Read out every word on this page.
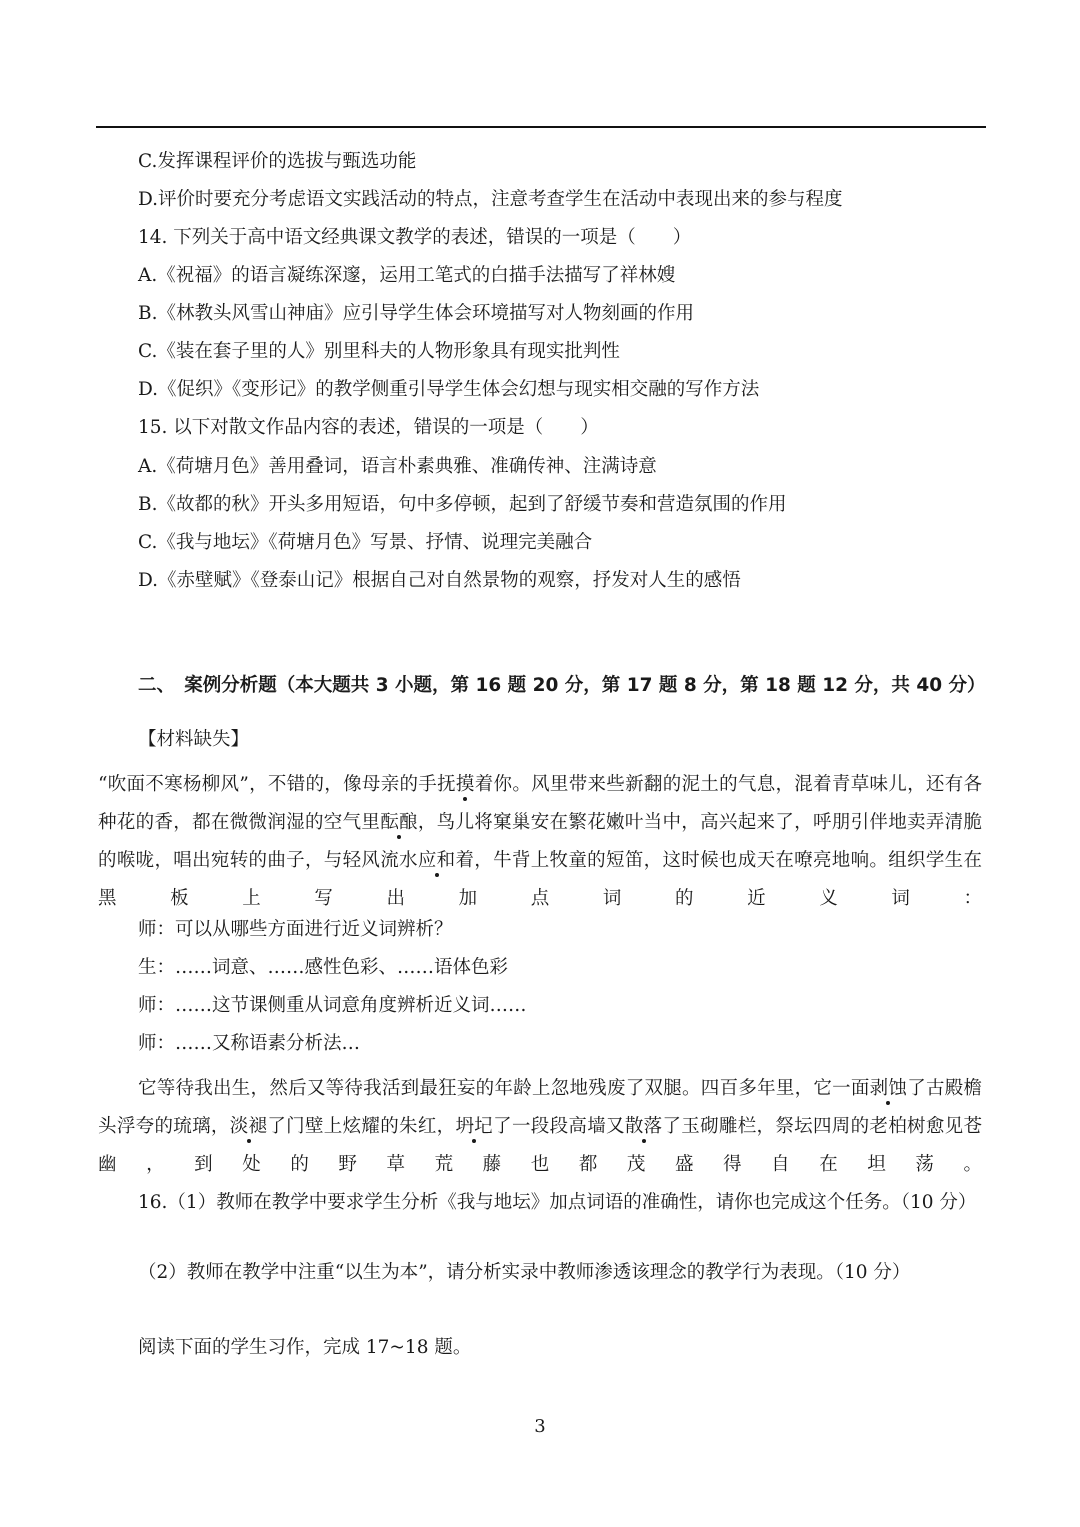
C.发挥课程评价的选拔与甄选功能
D.评价时要充分考虑语文实践活动的特点，注意考查学生在活动中表现出来的参与程度
14. 下列关于高中语文经典课文教学的表述，错误的一项是（　　）
A.《祝福》的语言凝练深邃，运用工笔式的白描手法描写了祥林嫂
B.《林教头风雪山神庙》应引导学生体会环境描写对人物刻画的作用
C.《装在套子里的人》别里科夫的人物形象具有现实批判性
D.《促织》《变形记》的教学侧重引导学生体会幻想与现实相交融的写作方法
15. 以下对散文作品内容的表述，错误的一项是（　　）
A.《荷塘月色》善用叠词，语言朴素典雅、准确传神、注满诗意
B.《故都的秋》开头多用短语，句中多停顿，起到了舒缓节奏和营造氛围的作用
C.《我与地坛》《荷塘月色》写景、抒情、说理完美融合
D.《赤壁赋》《登泰山记》根据自己对自然景物的观察，抒发对人生的感悟
二、　案例分析题（本大题共 3 小题，第 16 题 20 分，第 17 题 8 分，第 18 题 12 分，共 40 分）
【材料缺失】
“吹面不寒杨柳风”，不错的，像母亲的手抚摸着你。风里带来些新翻的泥土的气息，混着青草味儿，还有各种花的香，都在微微润湿的空气里酝酿，鸟儿将窠巢安在繁花嫩叶当中，高兴起来了，呼朋引伴地卖弄清脆的喉咙，唱出宛转的曲子，与轻风流水应和着，牛背上牧童的短笛，这时候也成天在嘹亮地响。组织学生在黑板上写出加点词的近义词：
师：可以从哪些方面进行近义词辨析？
生：……词意、……感性色彩、……语体色彩
师：……这节课侧重从词意角度辨析近义词……
师：……又称语素分析法…
它等待我出生，然后又等待我活到最狂妄的年龄上忽地残废了双腿。四百多年里，它一面剥蚀了古殿檐头浮夸的琉璃，淡褪了门壁上炫耀的朱红，坍圮了一段段高墙又散落了玉砌雕栏，祭坛四周的老柏树愈见苍幽，到处的野草荒藤也都茂盛得自在坦荡。
16.（1）教师在教学中要求学生分析《我与地坛》加点词语的准确性，请你也完成这个任务。（10 分）
（2）教师在教学中注重“以生为本”，请分析实录中教师渗透该理念的教学行为表现。（10 分）
阅读下面的学生习作，完成 17~18 题。
3
